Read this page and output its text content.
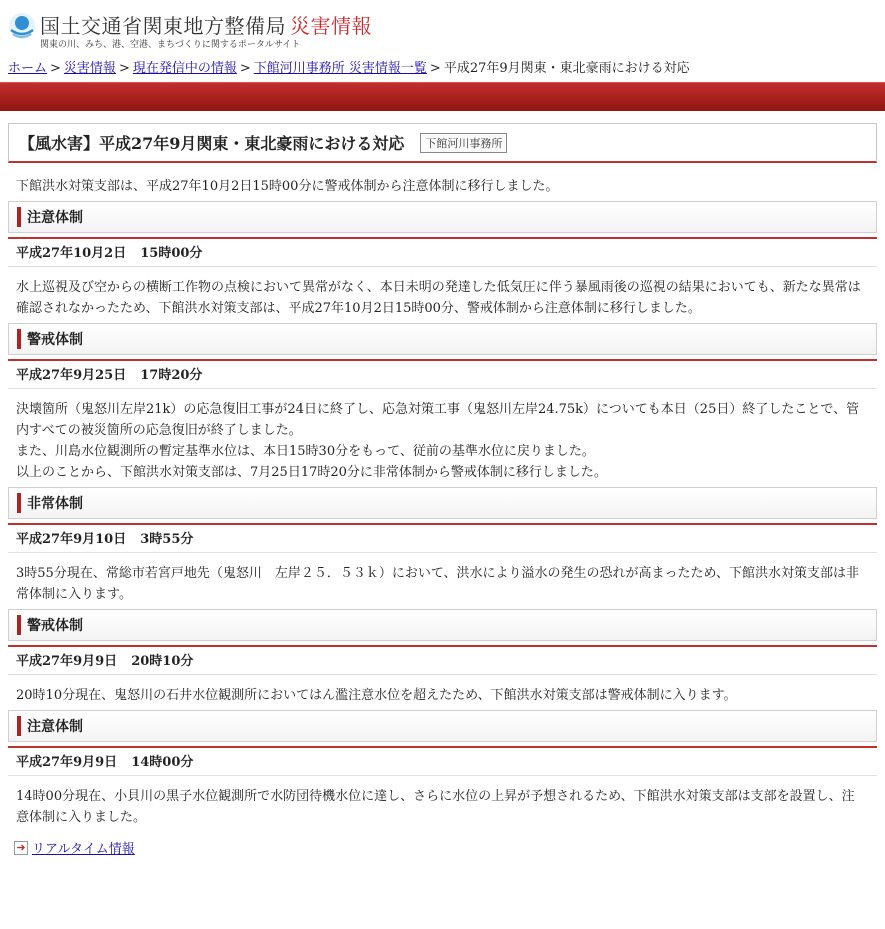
国土交通省関東地方整備局 災害情報
関東の川、みち、港、空港、まちづくりに関するポータルサイト
ホーム > 災害情報 > 現在発信中の情報 > 下館河川事務所 災害情報一覧 > 平成27年9月関東・東北豪雨における対応
【風水害】平成27年9月関東・東北豪雨における対応	下館河川事務所
下館洪水対策支部は、平成27年10月2日15時00分に警戒体制から注意体制に移行しました。
注意体制
平成27年10月2日 15時00分

水上巡視及び空からの横断工作物の点検において異常がなく、本日未明の発達した低気圧に伴う暴風雨後の巡視の結果においても、新たな異常は確認されなかったため、下館洪水対策支部は、平成27年10月2日15時00分、警戒体制から注意体制に移行しました。

警戒体制
平成27年9月25日 17時20分

決壊箇所（鬼怒川左岸21k）の応急復旧工事が24日に終了し、応急対策工事（鬼怒川左岸24.75k）についても本日（25日）終了したことで、管内すべての被災箇所の応急復旧が終了しました。

また、川島水位観測所の暫定基準水位は、本日15時30分をもって、従前の基準水位に戻りました。

以上のことから、下館洪水対策支部は、7月25日17時20分に非常体制から警戒体制に移行しました。

非常体制
平成27年9月10日 3時55分

3時55分現在、常総市若宮戸地先（鬼怒川　左岸２５．５３ｋ）において、洪水により溢水の発生の恐れが高まったため、下館洪水対策支部は非常体制に入ります。

警戒体制
平成27年9月9日 20時10分

20時10分現在、鬼怒川の石井水位観測所においてはん濫注意水位を超えたため、下館洪水対策支部は警戒体制に入ります。

注意体制
平成27年9月9日 14時00分

14時00分現在、小貝川の黒子水位観測所で水防団待機水位に達し、さらに水位の上昇が予想されるため、下館洪水対策支部は支部を設置し、注意体制に入りました。

➜ リアルタイム情報
